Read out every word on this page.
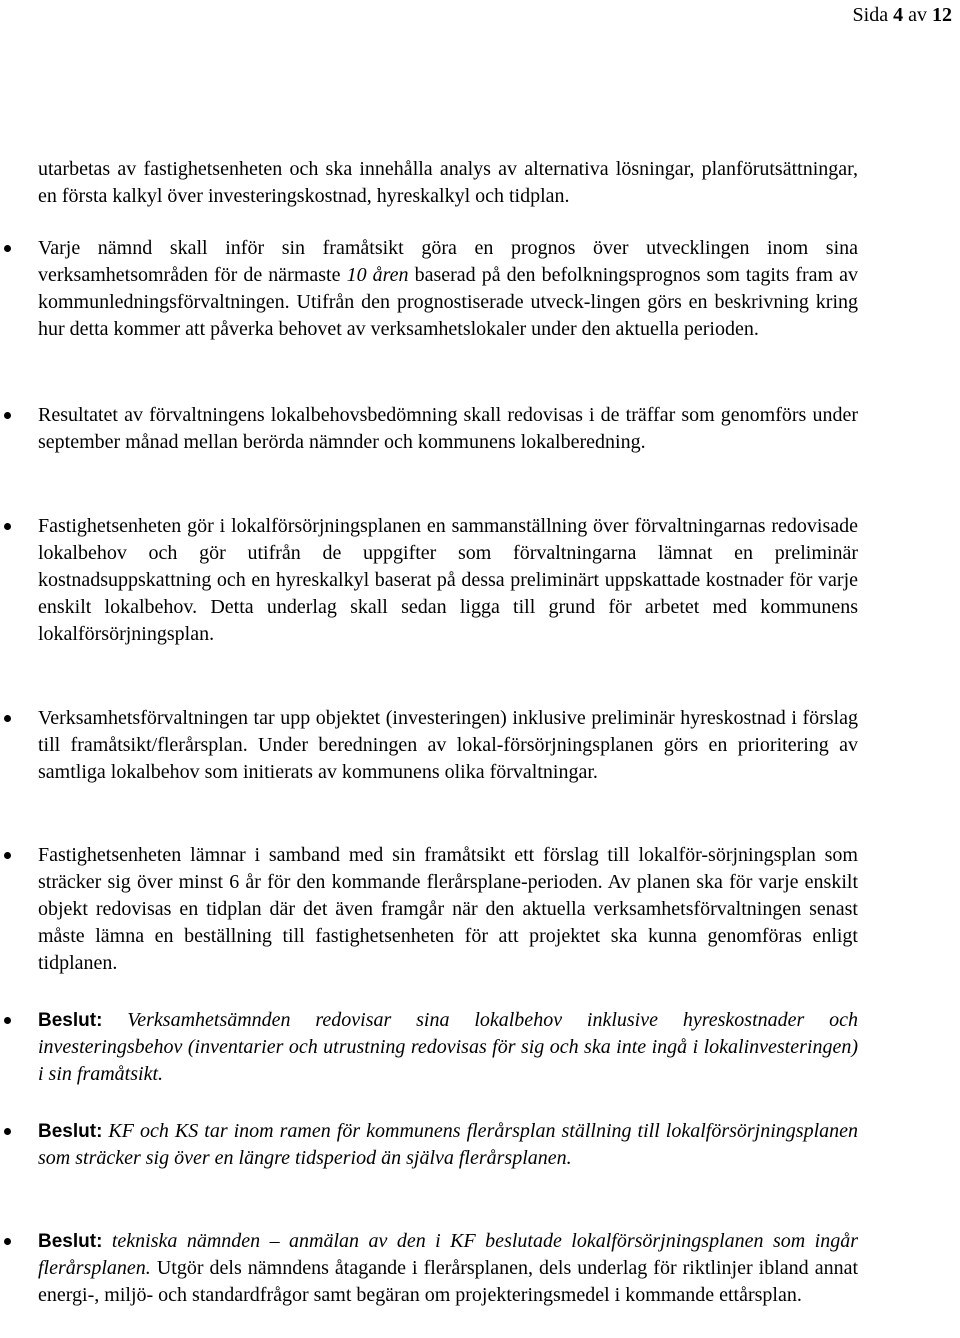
Sida 4 av 12

utarbetas av fastighetsenheten och ska innehålla analys av alternativa lösningar, planförutsättningar, en första kalkyl över investeringskostnad, hyreskalkyl och tidplan.

Varje nämnd skall inför sin framåtsikt göra en prognos över utvecklingen inom sina verksamhetsområden för de närmaste 10 åren baserad på den befolkningsprognos som tagits fram av kommunledningsförvaltningen. Utifrån den prognostiserade utveck-lingen görs en beskrivning kring hur detta kommer att påverka behovet av verksamhetslokaler under den aktuella perioden.
Resultatet av förvaltningens lokalbehovsbedömning skall redovisas i de träffar som genomförs under september månad mellan berörda nämnder och kommunens lokalberedning.
Fastighetsenheten gör i lokalförsörjningsplanen en sammanställning över förvaltningarnas redovisade lokalbehov och gör utifrån de uppgifter som förvaltningarna lämnat en preliminär kostnadsuppskattning och en hyreskalkyl baserat på dessa preliminärt uppskattade kostnader för varje enskilt lokalbehov. Detta underlag skall sedan ligga till grund för arbetet med kommunens lokalförsörjningsplan.
Verksamhetsförvaltningen tar upp objektet (investeringen) inklusive preliminär hyreskostnad i förslag till framåtsikt/flerårsplan. Under beredningen av lokal-försörjningsplanen görs en prioritering av samtliga lokalbehov som initierats av kommunens olika förvaltningar.
Fastighetsenheten lämnar i samband med sin framåtsikt ett förslag till lokalför-sörjningsplan som sträcker sig över minst 6 år för den kommande flerårsplane-perioden. Av planen ska för varje enskilt objekt redovisas en tidplan där det även framgår när den aktuella verksamhetsförvaltningen senast måste lämna en beställning till fastighetsenheten för att projektet ska kunna genomföras enligt tidplanen.
Beslut: Verksamhetsämnden redovisar sina lokalbehov inklusive hyreskostnader och investeringsbehov (inventarier och utrustning redovisas för sig och ska inte ingå i lokalinvesteringen) i sin framåtsikt.
Beslut: KF och KS tar inom ramen för kommunens flerårsplan ställning till lokalförsörjningsplanen som sträcker sig över en längre tidsperiod än själva flerårsplanen.
Beslut: tekniska nämnden – anmälan av den i KF beslutade lokalförsörjningsplanen som ingår flerårsplanen. Utgör dels nämndens åtagande i flerårsplanen, dels underlag för riktlinjer ibland annat energi-, miljö- och standardfrågor samt begäran om projekteringsmedel i kommande ettårsplan.
